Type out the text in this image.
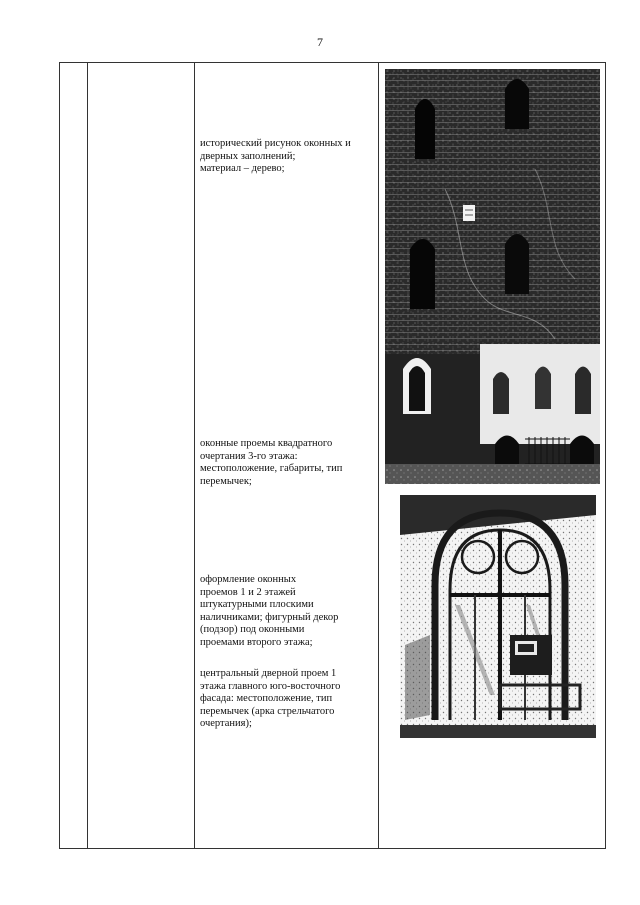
7
исторический рисунок оконных и
дверных заполнений;
материал – дерево;
оконные проемы квадратного
очертания 3-го этажа:
местоположение, габариты, тип
перемычек;
оформление оконных
проемов 1 и 2 этажей
штукатурными плоскими
наличниками; фигурный декор
(подзор) под оконными
проемами второго этажа;
центральный дверной проем 1
этажа главного юго-восточного
фасада: местоположение, тип
перемычек (арка стрельчатого
очертания);
